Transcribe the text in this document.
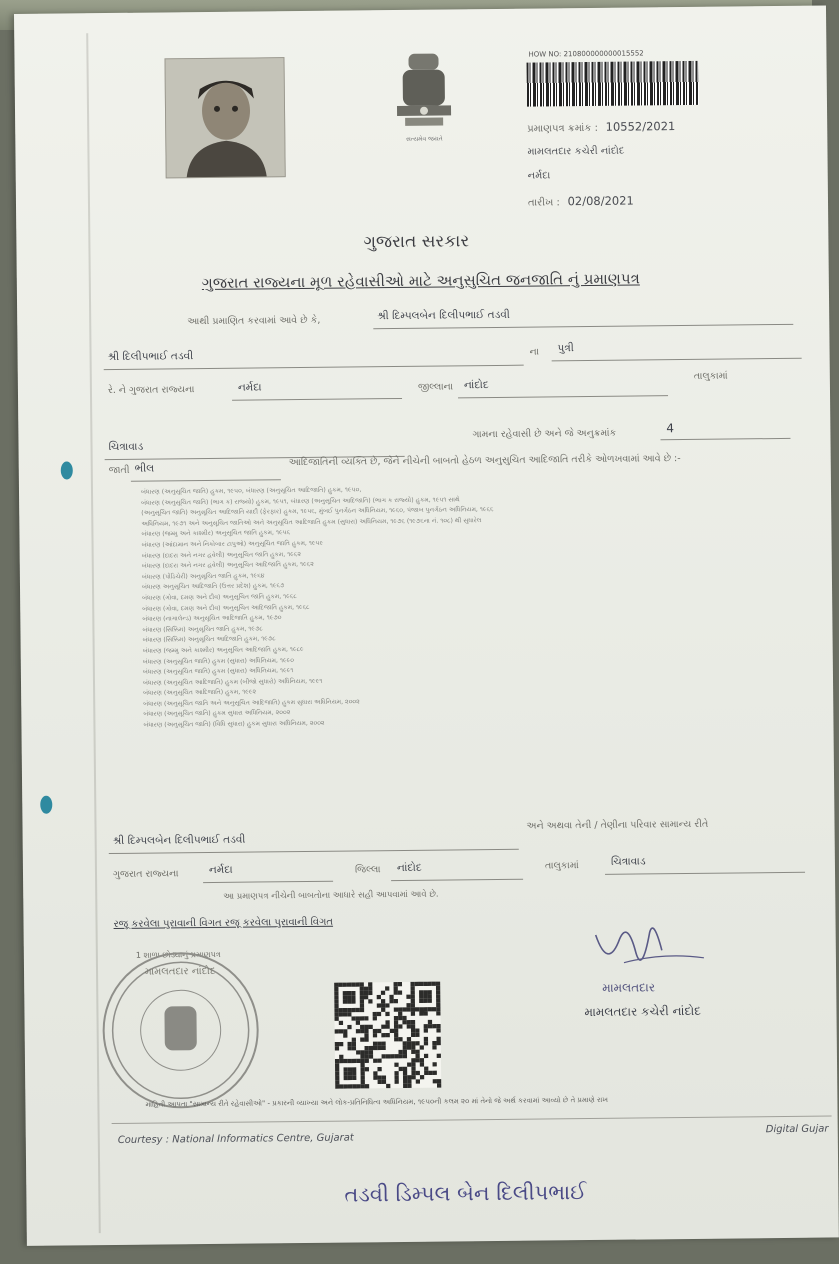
સત્યમેવ જયતે
HOW NO: 210800000000015552
પ્રમાણપત્ર ક્રમાંક : 10552/2021
મામલતદાર કચેરી નાંદોદ
નર્મદા
તારીખ : 02/08/2021
ગુજરાત સરકાર
ગુજરાત રાજ્યના મૂળ રહેવાસીઓ માટે અનુસુચિત જનજાતિ નું પ્રમાણપત્ર
આથી પ્રમાણિત કરવામાં આવે છે કે,	શ્રી દિમ્પલબેન દિલીપભાઈ તડવી
શ્રી દિલીપભાઈ તડવી	ના પુત્રી
રે. ને ગુજરાત રાજ્યના	નર્મદા	જીલ્લાના નાંદોદ
તાલુકામાં
ચિત્રાવાડ
ગામના રહેવાસી છે અને જે અનુક્રમાંક	4
જાતી ભીલ
આદિજાતિની વ્યક્તિ છે, જેને નીચેની બાબતો હેઠળ અનુસુચિત આદિજાતિ તરીકે ઓળખવામાં આવે છે :-
બંધારણ (અનુસૂચિત જાતિ) હુકમ, ૧૯૫૦, બંધારણ (અનુસૂચિત આદિજાતિ) હુકમ, ૧૯૫૦,
બંધારણ (અનુસૂચિત જાતિ) (ભાગ ક) રાજ્યો) હુકમ, ૧૯૫૧, બંધારણ (અનુસૂચિત આદિજાતિ) (ભાગ ક રાજ્યો) હુકમ, ૧૯૫૧ સાથે
(અનુસૂચિત જાતિ) અનુસૂચિત આદિજાતિ યાદી (ફેરફાર) હુકમ, ૧૯૫૬, મુંબઈ પુનર્ગઠન અધિનિયમ, ૧૯૬૦, પંજાબ પુનર્ગઠન અધિનિયમ, ૧૯૬૬
અધિનિયમ, ૧૯૭૧ અને અનુસૂચિત જાતિઓ અને અનુસૂચિત આદિજાતિ હુકમ (સુધારા) અધિનિયમ, ૧૯૭૬ (૧૯૭૬ના નં. ૧૦૮) થી સુધારેલ
બંધારણ (જમ્મુ અને કાશ્મીર) અનુસૂચિત જાતિ હુકમ, ૧૯૫૬
બંધારણ (આંદામાન અને નિકોબાર ટાપુઓ) અનુસૂચિત જાતિ હુકમ, ૧૯૫૯
બંધારણ (દાદરા અને નગર હવેલી) અનુસૂચિત જાતિ હુકમ, ૧૯૬૨
બંધારણ (દાદરા અને નગર હવેલી) અનુસૂચિત આદિજાતિ હુકમ, ૧૯૬૨
બંધારણ (પોંડિચેરી) અનુસૂચિત જાતિ હુકમ, ૧૯૬૪
બંધારણ અનુસૂચિત આદિજાતિ (ઉત્તર પ્રદેશ) હુકમ, ૧૯૬૭
બંધારણ (ગોવા, દમણ અને દીવ) અનુસૂચિત જાતિ હુકમ, ૧૯૬૮
બંધારણ (ગોવા, દમણ અને દીવ) અનુસૂચિત આદિજાતિ હુકમ, ૧૯૬૮
બંધારણ (નાગાલેન્ડ) અનુસૂચિત આદિજાતિ હુકમ, ૧૯૭૦
બંધારણ (સિક્કિમ) અનુસૂચિત જાતિ હુકમ, ૧૯૭૮
બંધારણ (સિક્કિમ) અનુસૂચિત આદિજાતિ હુકમ, ૧૯૭૮
બંધારણ (જમ્મુ અને કાશ્મીર) અનુસૂચિત આદિજાતિ હુકમ, ૧૯૮૯
બંધારણ (અનુસૂચિત જાતિ) હુકમ (સુધારા) અધિનિયમ, ૧૯૯૦
બંધારણ (અનુસૂચિત જાતિ) હુકમ (સુધારા) અધિનિયમ, ૧૯૯૧
બંધારણ (અનુસૂચિત આદિજાતિ) હુકમ (બીજો સુધારો) અધિનિયમ, ૧૯૯૧
બંધારણ (અનુસૂચિત આદિજાતિ) હુકમ, ૧૯૯૨
બંધારણ (અનુસૂચિત જાતિ અને અનુસૂચિત આદિજાતિ) હુકમ સુધારા અધિનિયમ, ૨૦૦૨
બંધારણ (અનુસૂચિત જાતિ) હુકમ સુધારા અધિનિયમ, ૨૦૦૨
બંધારણ (અનુસૂચિત જાતિ) (વિધિ સુધારા) હુકમ સુધારા અધિનિયમ, ૨૦૦૨
શ્રી દિમ્પલબેન દિલીપભાઈ તડવી
અને અથવા તેની / તેણીના પરિવાર સામાન્ય રીતે
ગુજરાત રાજ્યના	નર્મદા	જિલ્લા નાંદોદ	તાલુકામાં	ચિત્રાવાડ
આ પ્રમાણપત્ર નીચેની બાબતોના આધારે સહી આપવામાં આવે છે.
રજૂ કરવેલા પુરાવાની વિગત રજૂ કરવેલા પુરાવાની વિગત
1 શાળા છોડ્યાનું પ્રમાણપત્ર
મામલતદાર નાંદોદ
મામલતદાર
મામલતદાર કચેરી નાંદોદ
માહિતી આપતા "સામાન્ય રીતે રહેવાસીઓ" - પ્રકારની વ્યાખ્યા અને લોક-પ્રતિનિધિત્વ અધિનિયમ, ૧૯૫૦ની કલમ ૨૦ માં તેનો જે અર્થ કરવામાં આવ્યો છે તે પ્રમાણે રાખ
Courtesy : National Informatics Centre, Gujarat
Digital Gujar
તડવી ડિમ્પલ બેન દિલીપભાઈ
